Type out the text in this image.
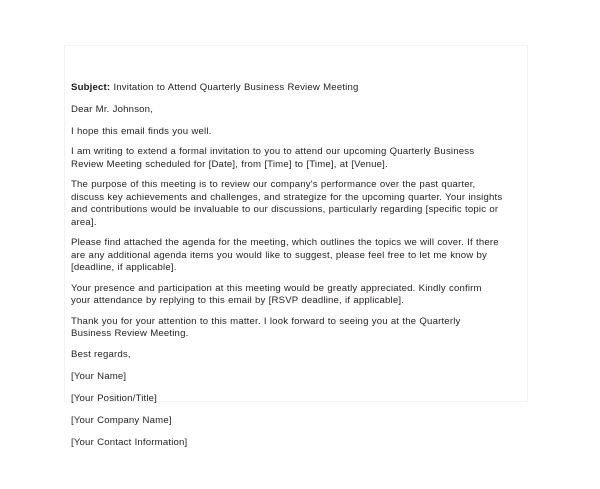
Subject: Invitation to Attend Quarterly Business Review Meeting

Dear Mr. Johnson,

I hope this email finds you well.

I am writing to extend a formal invitation to you to attend our upcoming Quarterly Business Review Meeting scheduled for [Date], from [Time] to [Time], at [Venue].

The purpose of this meeting is to review our company's performance over the past quarter, discuss key achievements and challenges, and strategize for the upcoming quarter. Your insights and contributions would be invaluable to our discussions, particularly regarding [specific topic or area].

Please find attached the agenda for the meeting, which outlines the topics we will cover. If there are any additional agenda items you would like to suggest, please feel free to let me know by [deadline, if applicable].

Your presence and participation at this meeting would be greatly appreciated. Kindly confirm your attendance by replying to this email by [RSVP deadline, if applicable].

Thank you for your attention to this matter. I look forward to seeing you at the Quarterly Business Review Meeting.

Best regards,

[Your Name]

[Your Position/Title]

[Your Company Name]

[Your Contact Information]
